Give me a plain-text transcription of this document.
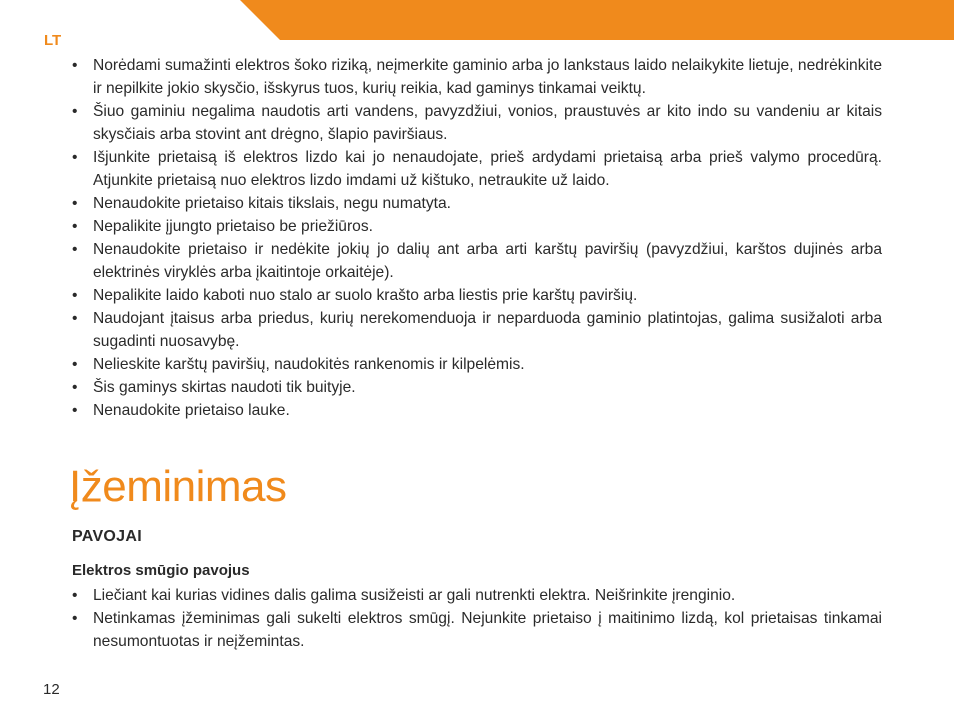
LT
• Norėdami sumažinti elektros šoko riziką, neįmerkite gaminio arba jo lankstaus laido nelaikykite lietuje, nedrėkinkite ir nepilkite jokio skysčio, išskyrus tuos, kurių reikia, kad gaminys tinkamai veiktų.
• Šiuo gaminiu negalima naudotis arti vandens, pavyzdžiui, vonios, praustuvės ar kito indo su vandeniu ar kitais skysčiais arba stovint ant drėgno, šlapio paviršiaus.
• Išjunkite prietaisą iš elektros lizdo kai jo nenaudojate, prieš ardydami prietaisą arba prieš valymo procedūrą. Atjunkite prietaisą nuo elektros lizdo imdami už kištuko, netraukite už laido.
• Nenaudokite prietaiso kitais tikslais, negu numatyta.
• Nepalikite įjungto prietaiso be priežiūros.
• Nenaudokite prietaiso ir nedėkite jokių jo dalių ant arba arti karštų paviršių (pavyzdžiui, karštos dujinės arba elektrinės viryklės arba įkaitintoje orkaitėje).
• Nepalikite laido kaboti nuo stalo ar suolo krašto arba liestis prie karštų paviršių.
• Naudojant įtaisus arba priedus, kurių nerekomenduoja ir neparduoda gaminio platintojas, galima susižaloti arba sugadinti nuosavybę.
• Nelieskite karštų paviršių, naudokitės rankenomis ir kilpelėmis.
• Šis gaminys skirtas naudoti tik buityje.
• Nenaudokite prietaiso lauke.
Įžeminimas
PAVOJAI
Elektros smūgio pavojus
• Liečiant kai kurias vidines dalis galima susižeisti ar gali nutrenkti elektra. Neišrinkite įrenginio.
• Netinkamas įžeminimas gali sukelti elektros smūgį. Nejunkite prietaiso į maitinimo lizdą, kol prietaisas tinkamai nesumontuotas ir neįžemintas.
12
